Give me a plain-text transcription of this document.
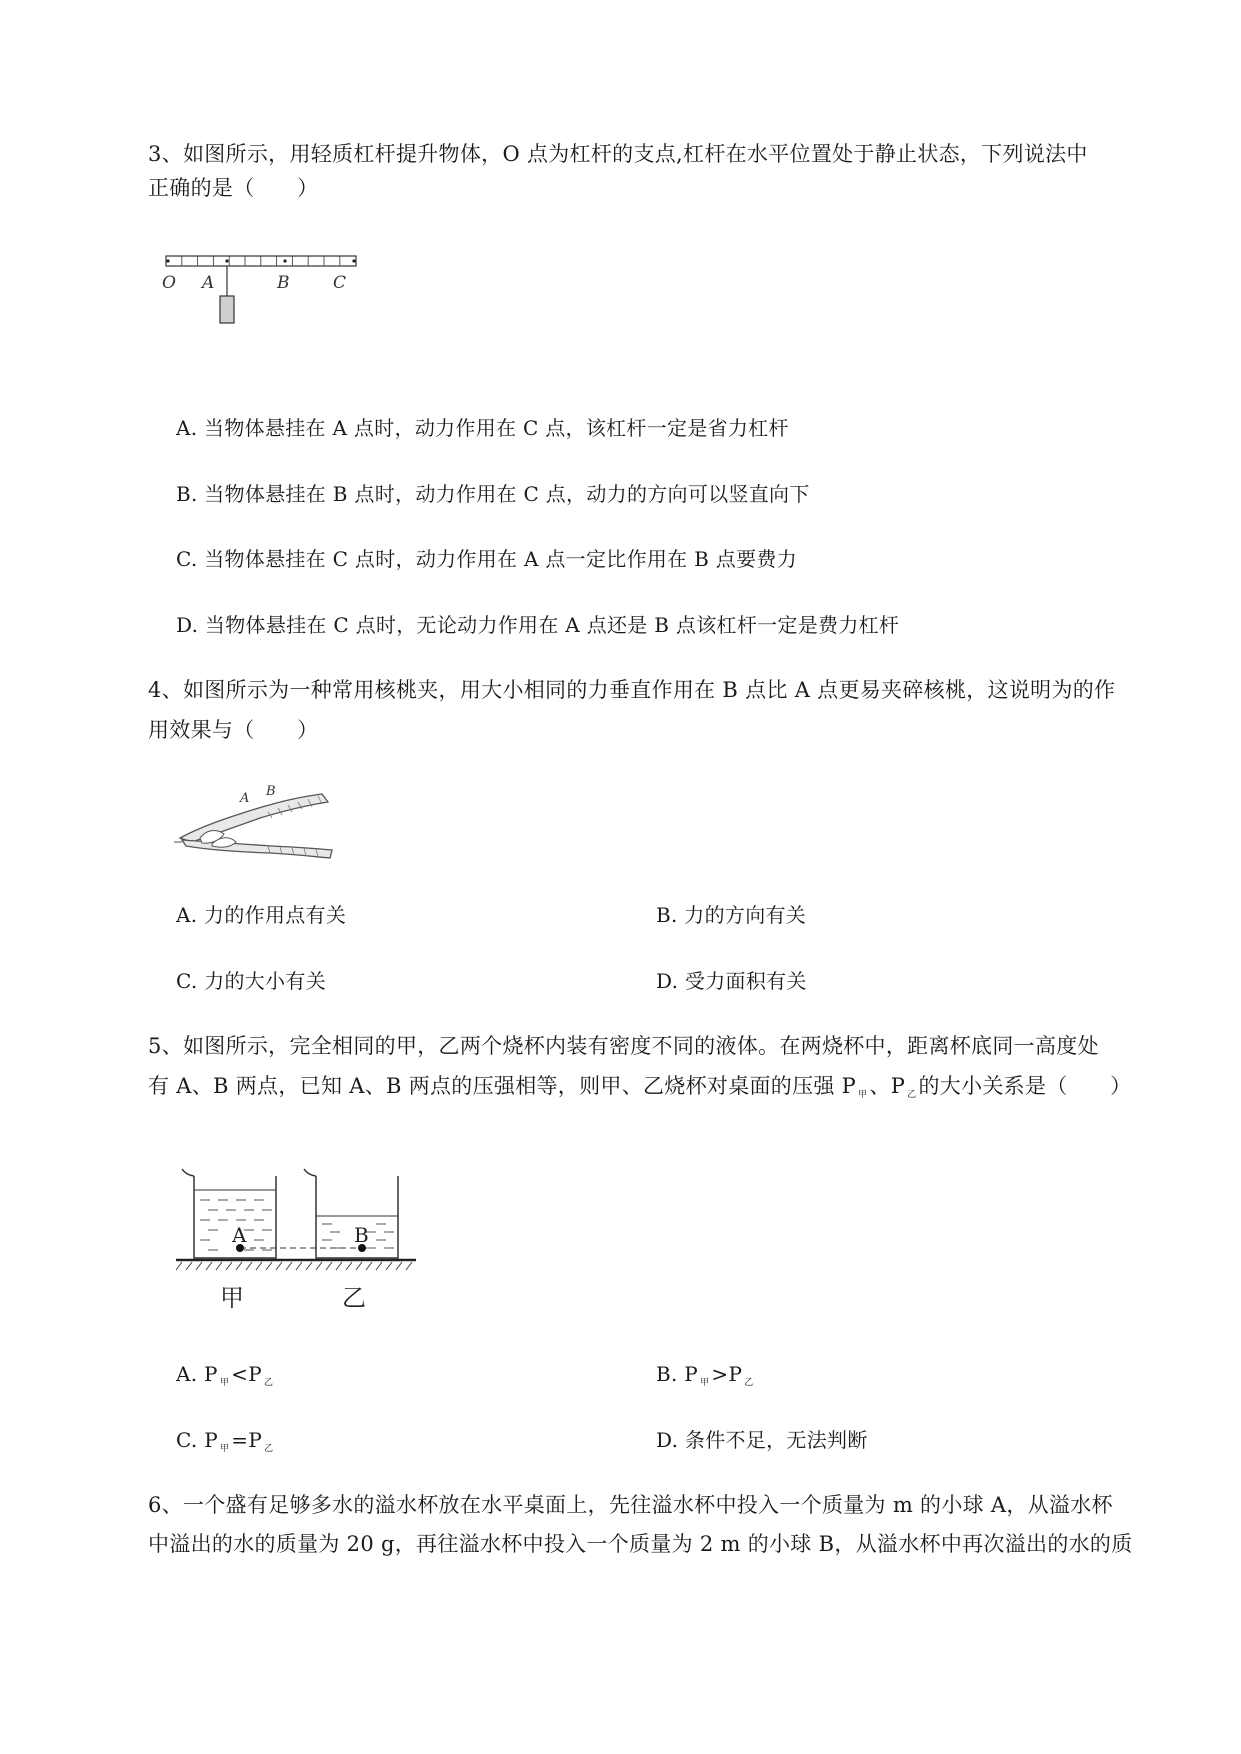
3、如图所示，用轻质杠杆提升物体，O 点为杠杆的支点,杠杆在水平位置处于静止状态，下列说法中
正确的是（　　）
O A	B	C
A. 当物体悬挂在 A 点时，动力作用在 C 点，该杠杆一定是省力杠杆
B. 当物体悬挂在 B 点时，动力作用在 C 点，动力的方向可以竖直向下
C. 当物体悬挂在 C 点时，动力作用在 A 点一定比作用在 B 点要费力
D. 当物体悬挂在 C 点时，无论动力作用在 A 点还是 B 点该杠杆一定是费力杠杆
4、如图所示为一种常用核桃夹，用大小相同的力垂直作用在 B 点比 A 点更易夹碎核桃，这说明为的作
用效果与（　　）
A B
A. 力的作用点有关	B. 力的方向有关
C. 力的大小有关	D. 受力面积有关
5、如图所示，完全相同的甲，乙两个烧杯内装有密度不同的液体。在两烧杯中，距离杯底同一高度处
有 A、B 两点，已知 A、B 两点的压强相等，则甲、乙烧杯对桌面的压强 P $_甲$、P $_乙$的大小关系是（　　）
A	B
甲	乙
A. P $_甲$ <P $_乙$	B. P $_甲$ >P $_乙$
C. P $_甲$ =P $_乙$	D. 条件不足，无法判断
6、一个盛有足够多水的溢水杯放在水平桌面上，先往溢水杯中投入一个质量为 m 的小球 A，从溢水杯
中溢出的水的质量为 20 g，再往溢水杯中投入一个质量为 2 m 的小球 B，从溢水杯中再次溢出的水的质
